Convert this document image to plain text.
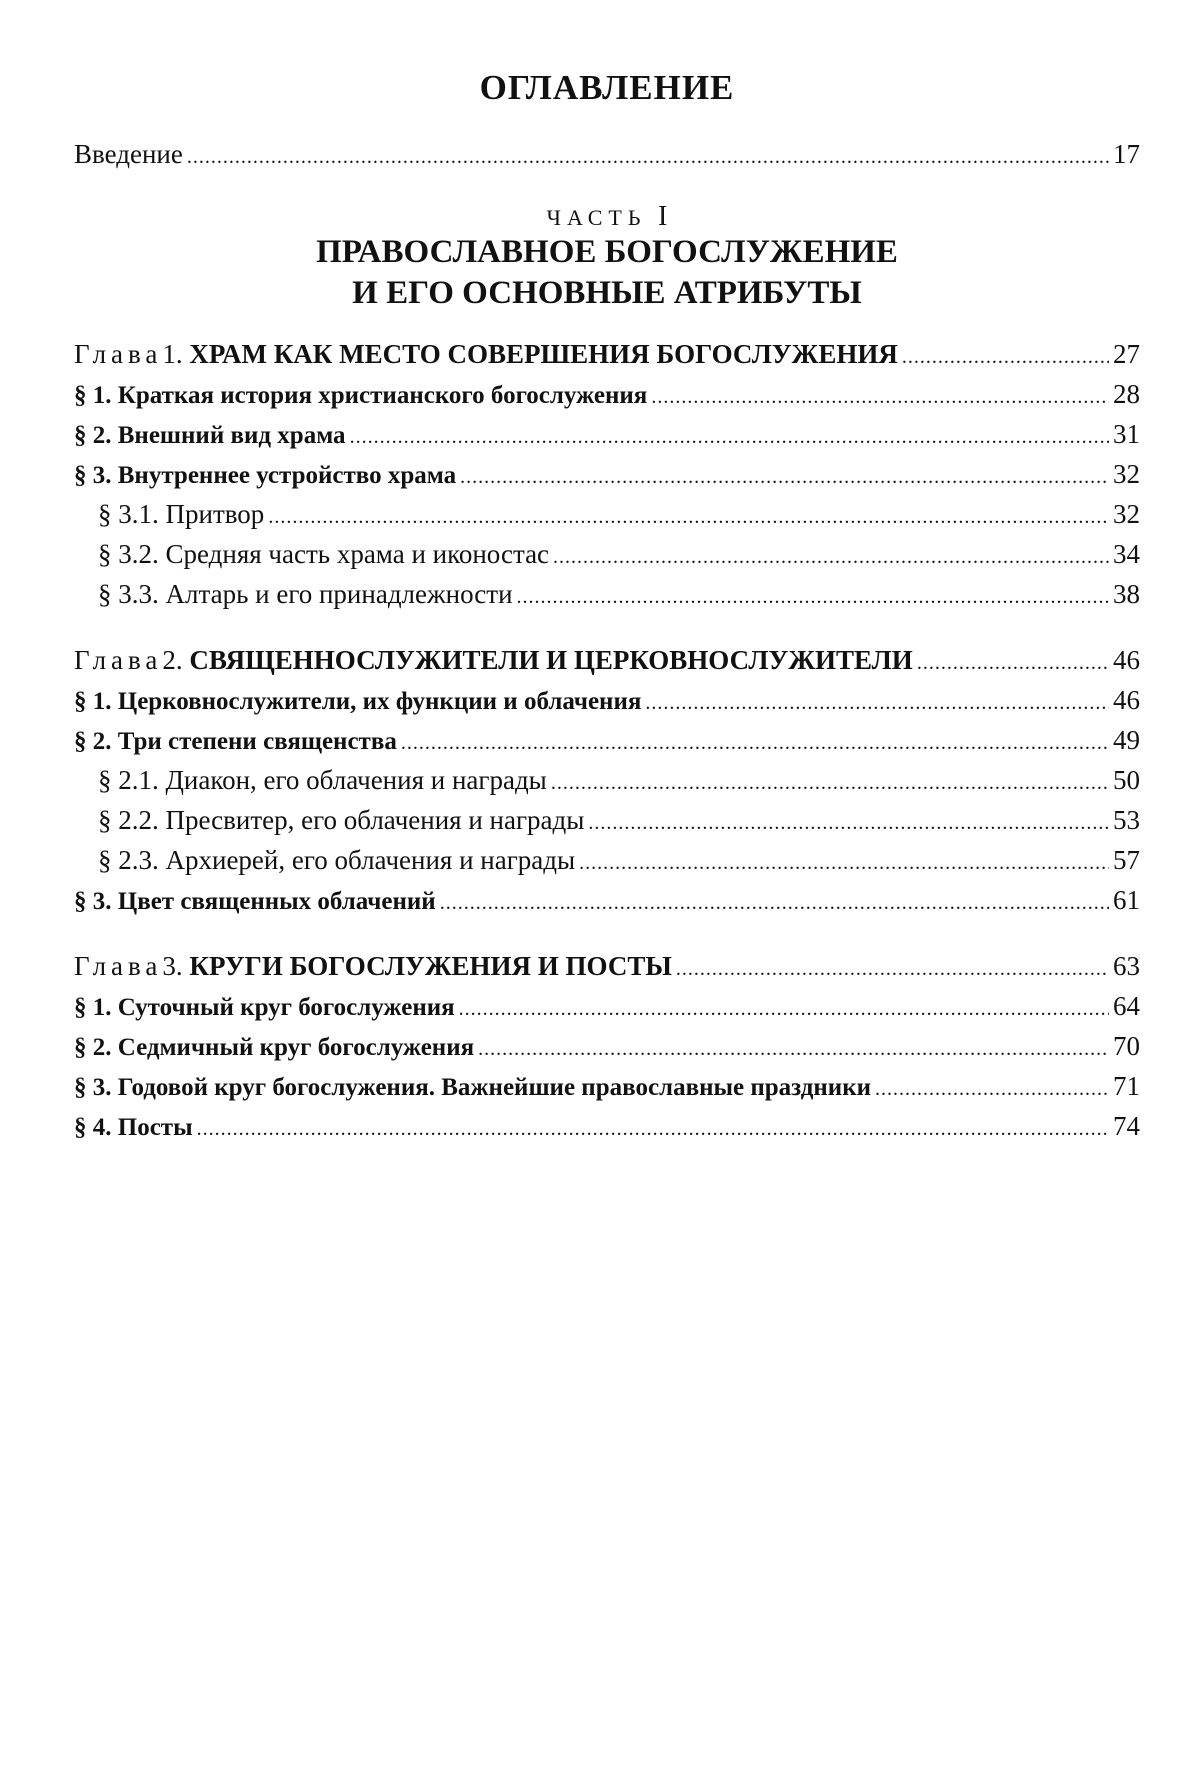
ОГЛАВЛЕНИЕ
Введение .....	17
ЧАСТЬ I
ПРАВОСЛАВНОЕ БОГОСЛУЖЕНИЕ
И ЕГО ОСНОВНЫЕ АТРИБУТЫ
Глава1. ХРАМ КАК МЕСТО СОВЕРШЕНИЯ БОГОСЛУЖЕНИЯ .....	27
§ 1. Краткая история христианского богослужения .....	28
§ 2. Внешний вид храма .....	31
§ 3. Внутреннее устройство храма .....	32
§ 3.1. Притвор .....	32
§ 3.2. Средняя часть храма и иконостас .....	34
§ 3.3. Алтарь и его принадлежности .....	38
Глава2. СВЯЩЕННОСЛУЖИТЕЛИ И ЦЕРКОВНОСЛУЖИТЕЛИ .....	46
§ 1. Церковнослужители, их функции и облачения .....	46
§ 2. Три степени священства .....	49
§ 2.1. Диакон, его облачения и награды .....	50
§ 2.2. Пресвитер, его облачения и награды .....	53
§ 2.3. Архиерей, его облачения и награды .....	57
§ 3. Цвет священных облачений .....	61
Глава3. КРУГИ БОГОСЛУЖЕНИЯ И ПОСТЫ .....	63
§ 1. Суточный круг богослужения .....	64
§ 2. Седмичный круг богослужения .....	70
§ 3. Годовой круг богослужения. Важнейшие православные праздники .....	71
§ 4. Посты .....	74
